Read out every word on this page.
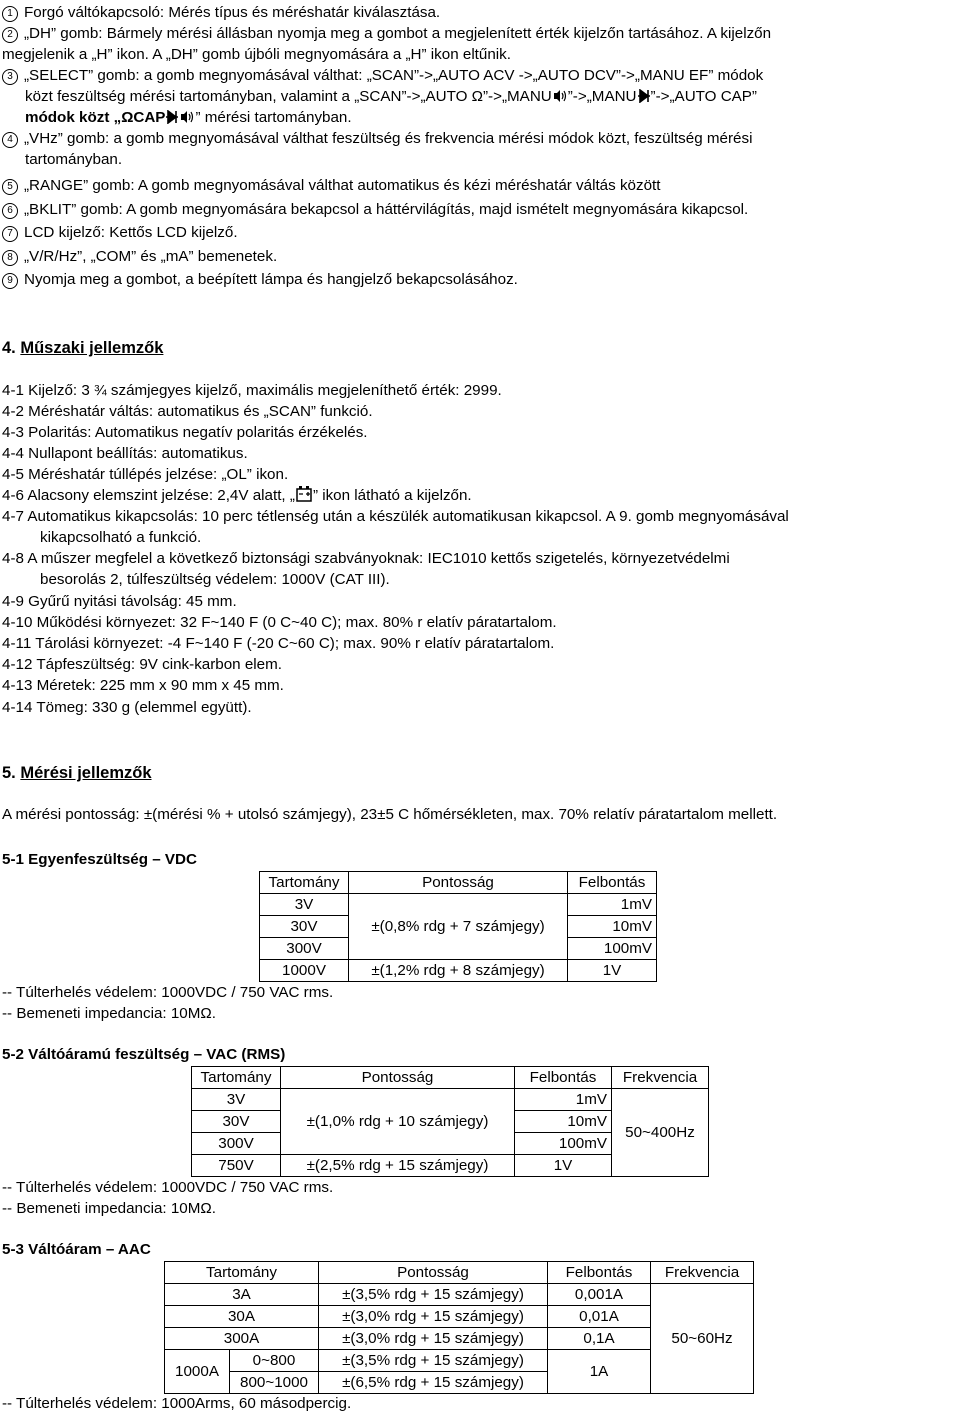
1 Forgó váltókapcsoló: Mérés típus és méréshatár kiválasztása.
2 „DH” gomb: Bármely mérési állásban nyomja meg a gombot a megjelenített érték kijelzőn tartásához. A kijelzőn
megjelenik a „H” ikon. A „DH” gomb újbóli megnyomására a „H” ikon eltűnik.
3 „SELECT” gomb: a gomb megnyomásával válthat: „SCAN”->„AUTO ACV ->„AUTO DCV”->„MANU EF” módok
közt feszültség mérési tartományban, valamint a „SCAN”->„AUTO Ω”->„MANU ”->„MANU ”->„AUTO CAP”
módok közt „ΩCAP ” mérési tartományban.
4 „VHz” gomb: a gomb megnyomásával válthat feszültség és frekvencia mérési módok közt, feszültség mérési
tartományban.
5 „RANGE” gomb: A gomb megnyomásával válthat automatikus és kézi méréshatár váltás között
6 „BKLIT” gomb: A gomb megnyomására bekapcsol a háttérvilágítás, majd ismételt megnyomására kikapcsol.
7 LCD kijelző: Kettős LCD kijelző.
8 „V/R/Hz”, „COM” és „mA” bemenetek.
9 Nyomja meg a gombot, a beépített lámpa és hangjelző bekapcsolásához.
4. Műszaki jellemzők
4-1 Kijelző: 3 ¾ számjegyes kijelző, maximális megjeleníthető érték: 2999.
4-2 Méréshatár váltás: automatikus és „SCAN” funkció.
4-3 Polaritás: Automatikus negatív polaritás érzékelés.
4-4 Nullapont beállítás: automatikus.
4-5 Méréshatár túllépés jelzése: „OL” ikon.
4-6 Alacsony elemszint jelzése: 2,4V alatt, „ ” ikon látható a kijelzőn.
4-7 Automatikus kikapcsolás: 10 perc tétlenség után a készülék automatikusan kikapcsol. A 9. gomb megnyomásával
kikapcsolható a funkció.
4-8 A műszer megfelel a következő biztonsági szabványoknak: IEC1010 kettős szigetelés, környezetvédelmi
besorolás 2, túlfeszültség védelem: 1000V (CAT III).
4-9 Gyűrű nyitási távolság: 45 mm.
4-10 Működési környezet: 32 F~140 F (0 C~40 C); max. 80% r elatív páratartalom.
4-11 Tárolási környezet: -4 F~140 F (-20 C~60 C); max. 90% r elatív páratartalom.
4-12 Tápfeszültség: 9V cink-karbon elem.
4-13 Méretek: 225 mm x 90 mm x 45 mm.
4-14 Tömeg: 330 g (elemmel együtt).
5. Mérési jellemzők
A mérési pontosság: ±(mérési % + utolsó számjegy), 23±5 C hőmérsékleten, max. 70% relatív páratartalom mellett.
5-1 Egyenfeszültség – VDC
Tartomány	Pontosság	Felbontás
3V	±(0,8% rdg + 7 számjegy)	1mV
30V		10mV
300V		100mV
1000V	±(1,2% rdg + 8 számjegy)	1V
-- Túlterhelés védelem: 1000VDC / 750 VAC rms.
-- Bemeneti impedancia: 10MΩ.
5-2 Váltóáramú feszültség – VAC (RMS)
Tartomány	Pontosság	Felbontás	Frekvencia
3V	±(1,0% rdg + 10 számjegy)	1mV	50~400Hz
30V		10mV	
300V		100mV	
750V	±(2,5% rdg + 15 számjegy)	1V	
-- Túlterhelés védelem: 1000VDC / 750 VAC rms.
-- Bemeneti impedancia: 10MΩ.
5-3 Váltóáram – AAC
Tartomány		Pontosság	Felbontás	Frekvencia
3A		±(3,5% rdg + 15 számjegy)	0,001A	50~60Hz
30A		±(3,0% rdg + 15 számjegy)	0,01A	
300A		±(3,0% rdg + 15 számjegy)	0,1A	
1000A	0~800	±(3,5% rdg + 15 számjegy)	1A	
	800~1000	±(6,5% rdg + 15 számjegy)		
-- Túlterhelés védelem: 1000Arms, 60 másodpercig.
